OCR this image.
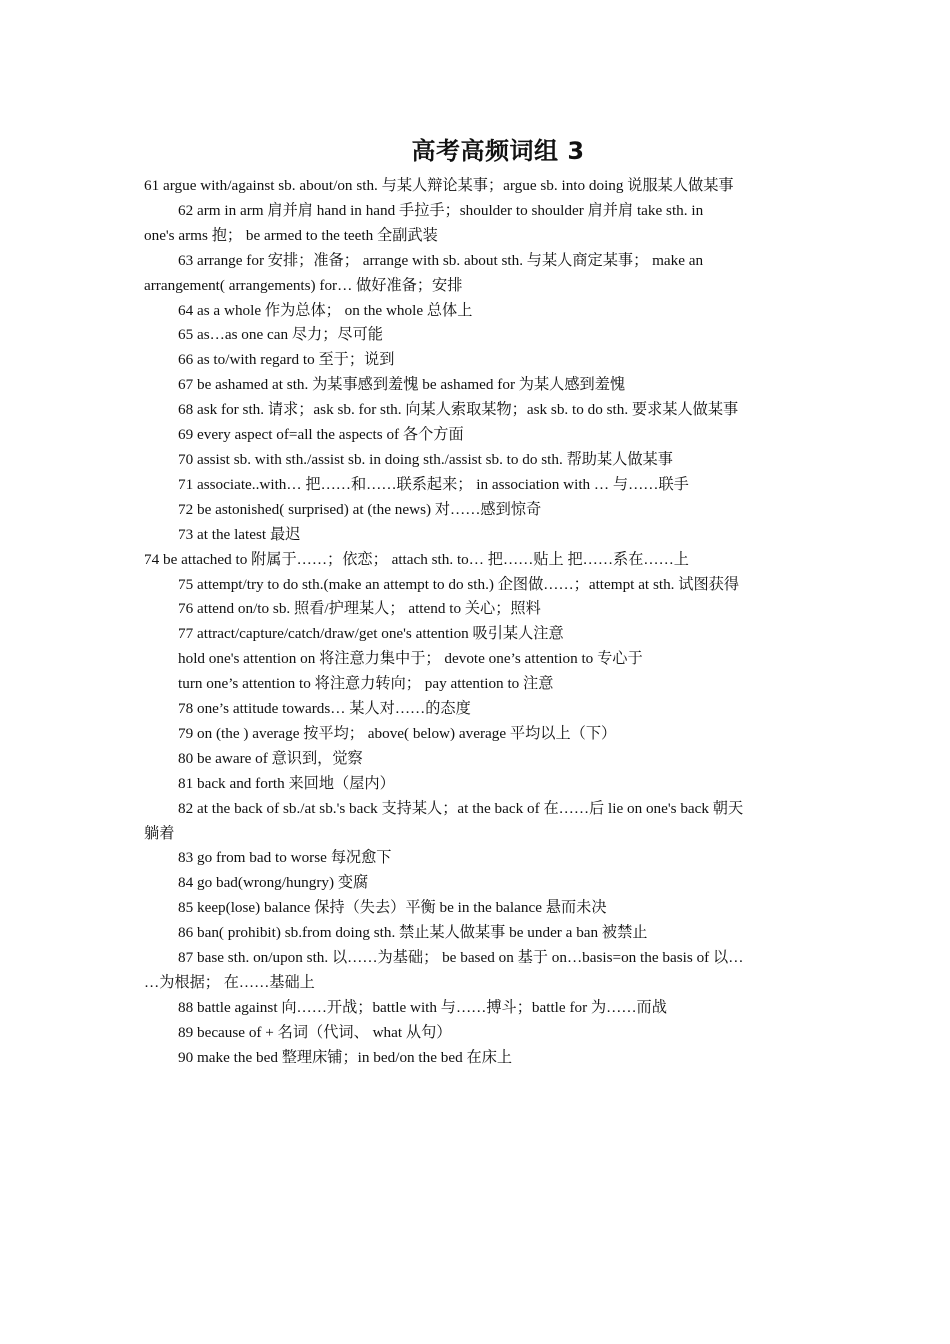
高考高频词组 3

61 argue with/against sb. about/on sth. 与某人辩论某事；argue sb. into doing 说服某人做某事

62 arm in arm 肩并肩 hand in hand 手拉手；shoulder to shoulder 肩并肩 take sth. in

one's arms 抱； be armed to the teeth 全副武装

63 arrange for 安排；准备； arrange with sb. about sth. 与某人商定某事； make an

arrangement( arrangements) for… 做好准备；安排

64 as a whole 作为总体； on the whole 总体上

65 as…as one can 尽力；尽可能

66 as to/with regard to 至于；说到

67 be ashamed at sth. 为某事感到羞愧 be ashamed for 为某人感到羞愧

68 ask for sth. 请求；ask sb. for sth. 向某人索取某物；ask sb. to do sth. 要求某人做某事

69 every aspect of=all the aspects of 各个方面

70 assist sb. with sth./assist sb. in doing sth./assist sb. to do sth. 帮助某人做某事

71 associate..with… 把……和……联系起来； in association with … 与……联手

72 be astonished( surprised) at (the news) 对……感到惊奇

73 at the latest 最迟

74 be attached to 附属于……；依恋； attach sth. to… 把……贴上 把……系在……上

75 attempt/try to do sth.(make an attempt to do sth.) 企图做……；attempt at sth. 试图获得

76 attend on/to sb. 照看/护理某人； attend to 关心；照料

77 attract/capture/catch/draw/get one's attention 吸引某人注意

hold one's attention on 将注意力集中于； devote one’s attention to 专心于

turn one’s attention to 将注意力转向； pay attention to 注意

78 one’s attitude towards… 某人对……的态度

79 on (the ) average 按平均； above( below) average 平均以上（下）

80 be aware of 意识到，觉察

81 back and forth 来回地（屋内）

82 at the back of sb./at sb.'s back 支持某人；at the back of 在……后 lie on one's back 朝天

躺着

83 go from bad to worse 每况愈下

84 go bad(wrong/hungry) 变腐

85 keep(lose) balance 保持（失去）平衡 be in the balance 悬而未决

86 ban( prohibit) sb.from doing sth. 禁止某人做某事 be under a ban 被禁止

87 base sth. on/upon sth. 以……为基础； be based on 基于 on…basis=on the basis of 以…

…为根据； 在……基础上

88 battle against 向……开战；battle with 与……搏斗；battle for 为……而战

89 because of + 名词（代词、 what 从句）

90 make the bed 整理床铺；in bed/on the bed 在床上
